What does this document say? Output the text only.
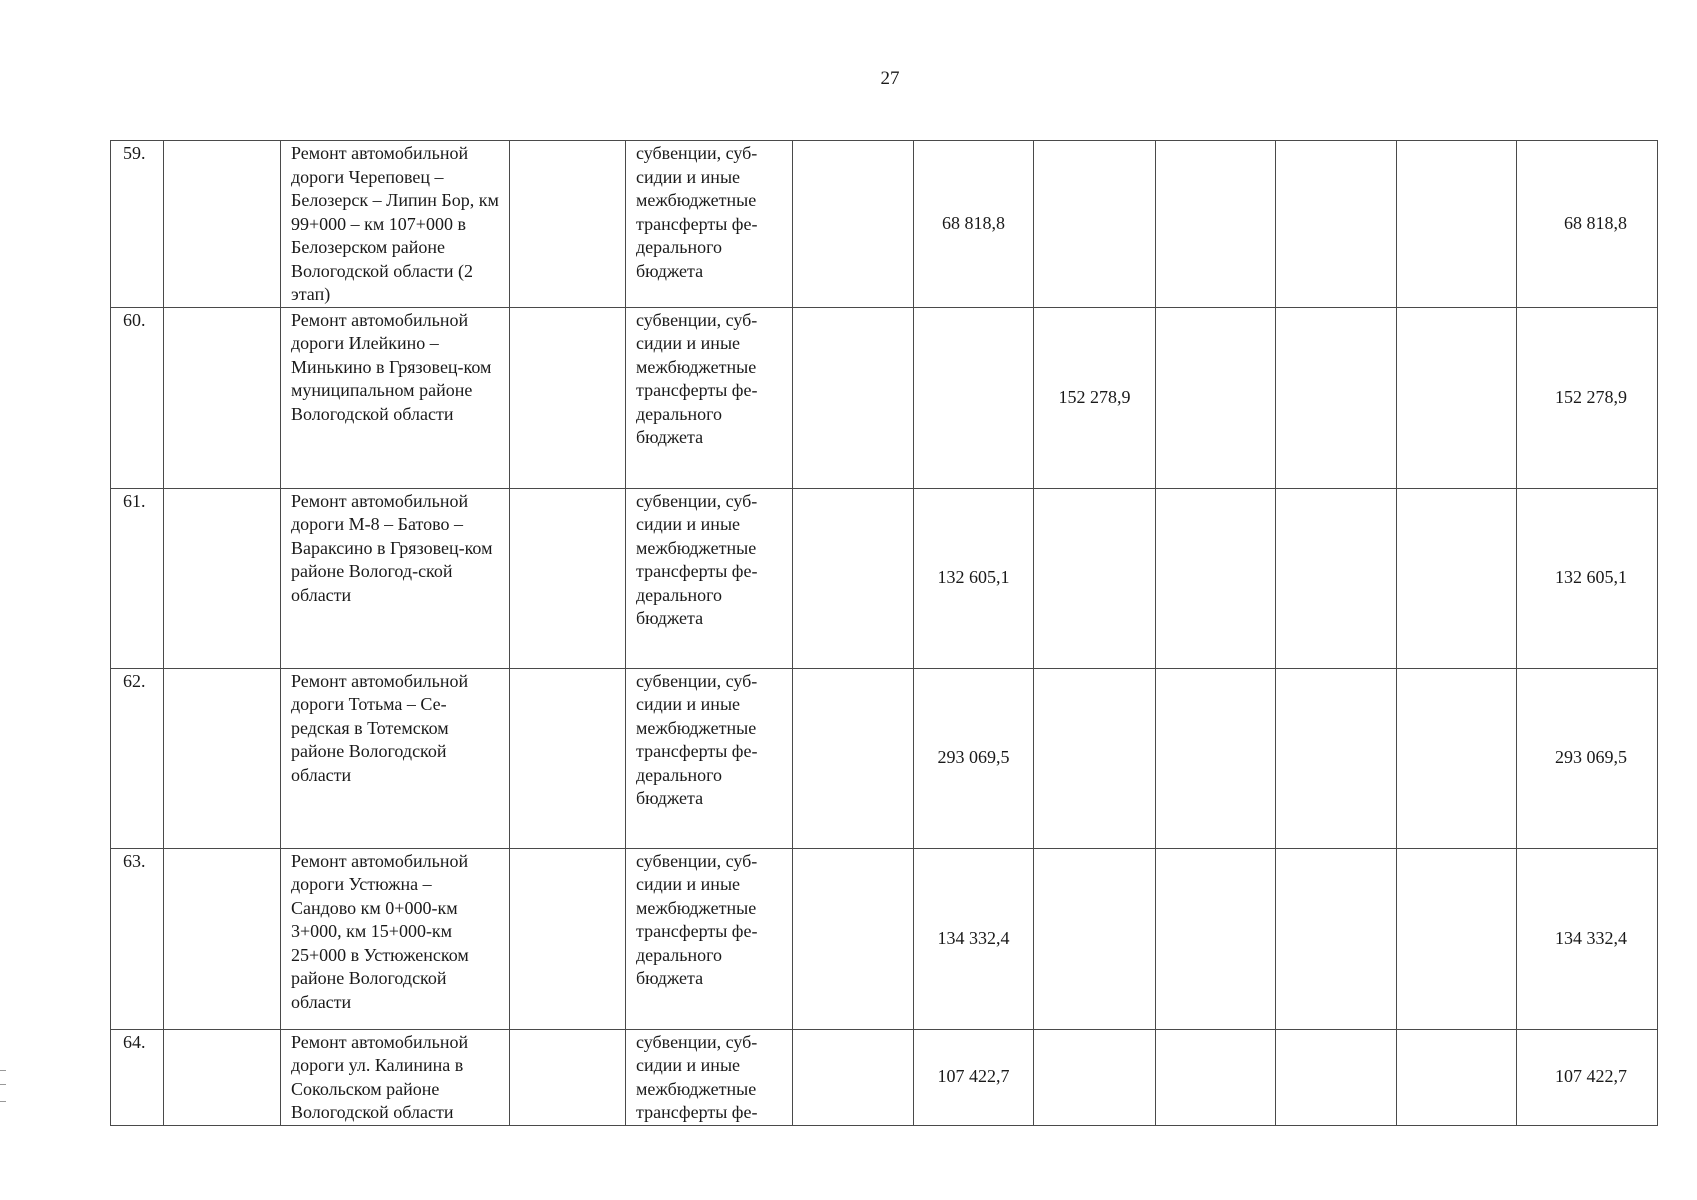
27
59.		Ремонт автомобильной дороги Череповец – Белозерск – Липин Бор, км 99+000 – км 107+000 в Белозерском районе Вологодской области (2 этап)		субвенции, суб-сидии и иные межбюджетные трансферты фе-дерального бюджета		68 818,8					68 818,8
60.		Ремонт автомобильной дороги Илейкино – Минькино в Грязовец-ком муниципальном районе Вологодской области		субвенции, суб-сидии и иные межбюджетные трансферты фе-дерального бюджета			152 278,9				152 278,9
61.		Ремонт автомобильной дороги М-8 – Батово – Вараксино в Грязовец-ком районе Вологод-ской области		субвенции, суб-сидии и иные межбюджетные трансферты фе-дерального бюджета		132 605,1					132 605,1
62.		Ремонт автомобильной дороги Тотьма – Се-редская в Тотемском районе Вологодской области		субвенции, суб-сидии и иные межбюджетные трансферты фе-дерального бюджета		293 069,5					293 069,5
63.		Ремонт автомобильной дороги Устюжна – Сандово км 0+000-км 3+000, км 15+000-км 25+000 в Устюженском районе Вологодской области		субвенции, суб-сидии и иные межбюджетные трансферты фе-дерального бюджета		134 332,4					134 332,4
64.		Ремонт автомобильной дороги ул. Калинина в Сокольском районе Вологодской области		субвенции, суб-сидии и иные межбюджетные трансферты фе-		107 422,7					107 422,7
